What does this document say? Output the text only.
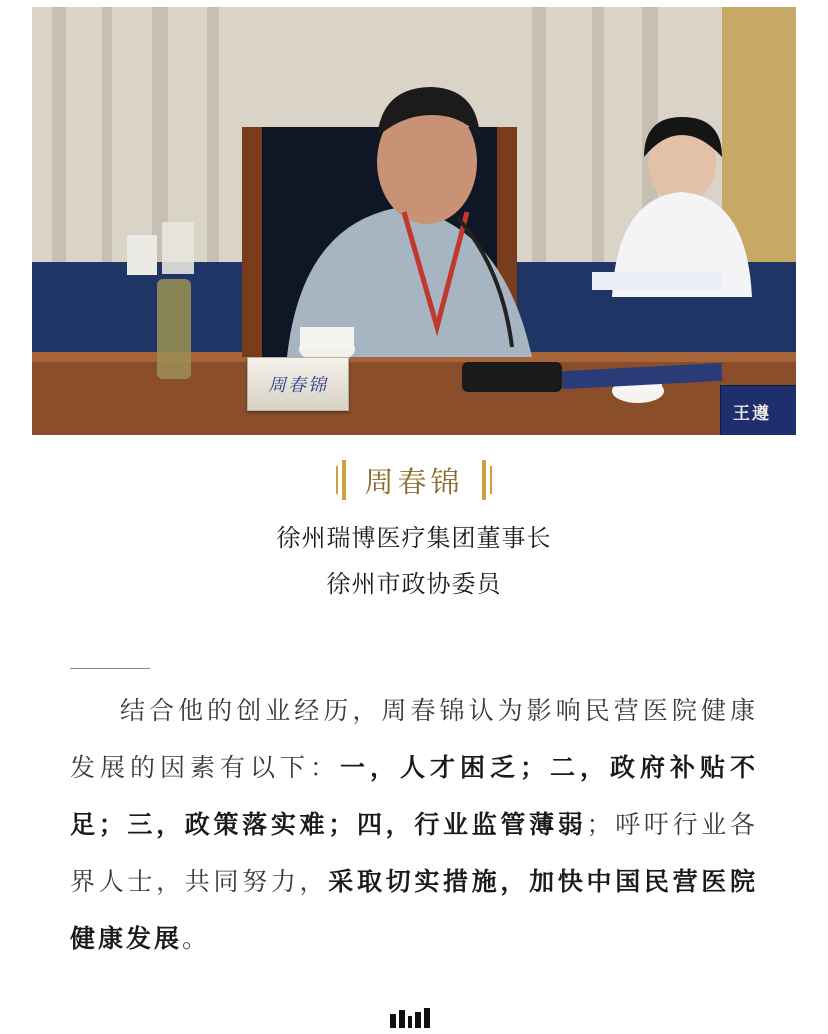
周春锦
王遵
周春锦

徐州瑞博医疗集团董事长

徐州市政协委员

结合他的创业经历，周春锦认为影响民营医院健康发展的因素有以下：一，人才困乏；二，政府补贴不足；三，政策落实难；四，行业监管薄弱；呼吁行业各界人士，共同努力，采取切实措施，加快中国民营医院健康发展。
